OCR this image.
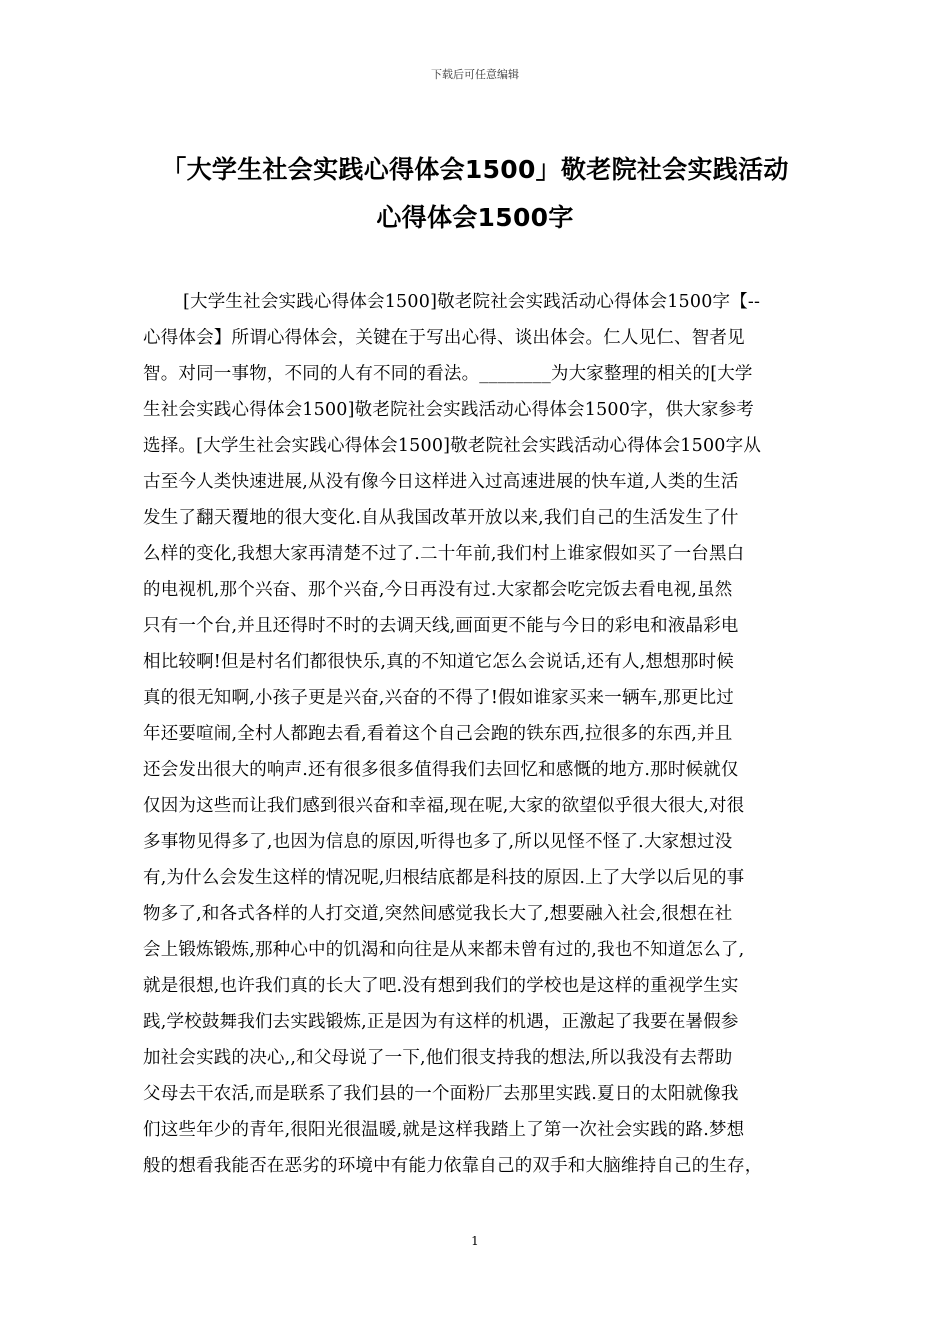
下载后可任意编辑
「大学生社会实践心得体会1500」敬老院社会实践活动
心得体会1500字
[大学生社会实践心得体会1500]敬老院社会实践活动心得体会1500字【--
心得体会】所谓心得体会，关键在于写出心得、谈出体会。仁人见仁、智者见
智。对同一事物，不同的人有不同的看法。________为大家整理的相关的[大学
生社会实践心得体会1500]敬老院社会实践活动心得体会1500字，供大家参考
选择。[大学生社会实践心得体会1500]敬老院社会实践活动心得体会1500字从
古至今人类快速进展,从没有像今日这样进入过高速进展的快车道,人类的生活
发生了翻天覆地的很大变化.自从我国改革开放以来,我们自己的生活发生了什
么样的变化,我想大家再清楚不过了.二十年前,我们村上谁家假如买了一台黑白
的电视机,那个兴奋、那个兴奋,今日再没有过.大家都会吃完饭去看电视,虽然
只有一个台,并且还得时不时的去调天线,画面更不能与今日的彩电和液晶彩电
相比较啊!但是村名们都很快乐,真的不知道它怎么会说话,还有人,想想那时候
真的很无知啊,小孩子更是兴奋,兴奋的不得了!假如谁家买来一辆车,那更比过
年还要喧闹,全村人都跑去看,看着这个自己会跑的铁东西,拉很多的东西,并且
还会发出很大的响声.还有很多很多值得我们去回忆和感慨的地方.那时候就仅
仅因为这些而让我们感到很兴奋和幸福,现在呢,大家的欲望似乎很大很大,对很
多事物见得多了,也因为信息的原因,听得也多了,所以见怪不怪了.大家想过没
有,为什么会发生这样的情况呢,归根结底都是科技的原因.上了大学以后见的事
物多了,和各式各样的人打交道,突然间感觉我长大了,想要融入社会,很想在社
会上锻炼锻炼,那种心中的饥渴和向往是从来都未曾有过的,我也不知道怎么了,
就是很想,也许我们真的长大了吧.没有想到我们的学校也是这样的重视学生实
践,学校鼓舞我们去实践锻炼,正是因为有这样的机遇，正激起了我要在暑假参
加社会实践的决心,,和父母说了一下,他们很支持我的想法,所以我没有去帮助
父母去干农活,而是联系了我们县的一个面粉厂去那里实践.夏日的太阳就像我
们这些年少的青年,很阳光很温暖,就是这样我踏上了第一次社会实践的路.梦想
般的想看我能否在恶劣的环境中有能力依靠自己的双手和大脑维持自己的生存，
1
